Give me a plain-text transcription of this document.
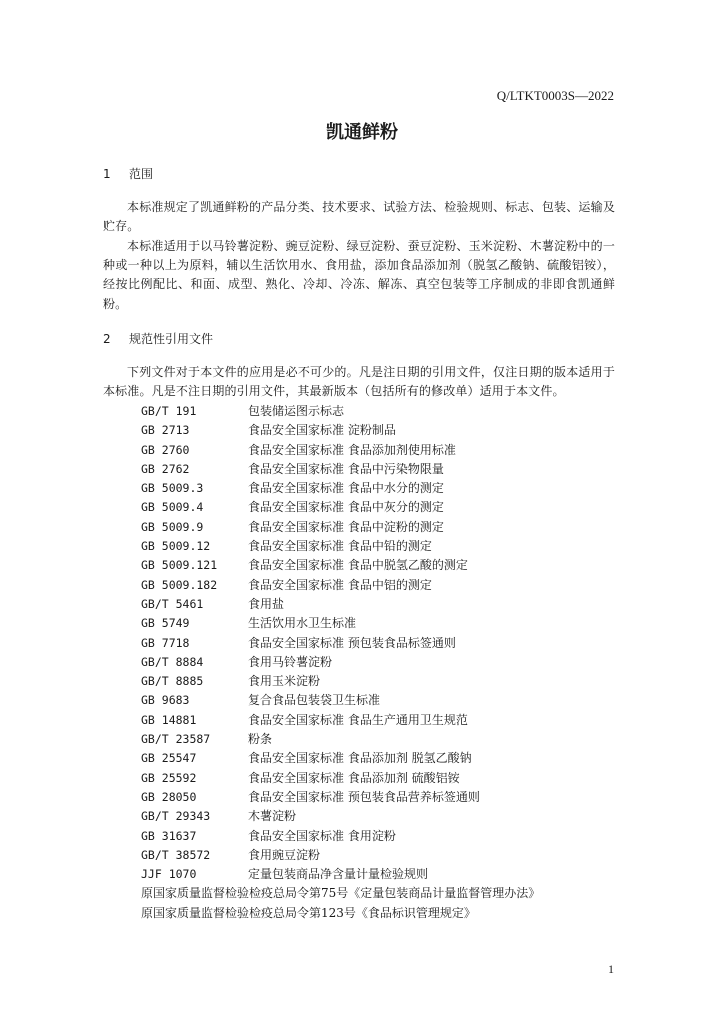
Q/LTKT0003S—2022
凯通鲜粉
1 范围

本标准规定了凯通鲜粉的产品分类、技术要求、试验方法、检验规则、标志、包装、运输及贮存。

本标准适用于以马铃薯淀粉、豌豆淀粉、绿豆淀粉、蚕豆淀粉、玉米淀粉、木薯淀粉中的一种或一种以上为原料，辅以生活饮用水、食用盐，添加食品添加剂（脱氢乙酸钠、硫酸铝铵），经按比例配比、和面、成型、熟化、冷却、冷冻、解冻、真空包装等工序制成的非即食凯通鲜粉。

2 规范性引用文件

下列文件对于本文件的应用是必不可少的。凡是注日期的引用文件，仅注日期的版本适用于本标准。凡是不注日期的引用文件，其最新版本（包括所有的修改单）适用于本文件。

GB/T 191	包装储运图示标志
GB 2713	食品安全国家标准 淀粉制品
GB 2760	食品安全国家标准 食品添加剂使用标准
GB 2762	食品安全国家标准 食品中污染物限量
GB 5009.3	食品安全国家标准 食品中水分的测定
GB 5009.4	食品安全国家标准 食品中灰分的测定
GB 5009.9	食品安全国家标准 食品中淀粉的测定
GB 5009.12	食品安全国家标准 食品中铅的测定
GB 5009.121	食品安全国家标准 食品中脱氢乙酸的测定
GB 5009.182	食品安全国家标准 食品中铝的测定
GB/T 5461	食用盐
GB 5749	生活饮用水卫生标准
GB 7718	食品安全国家标准 预包装食品标签通则
GB/T 8884	食用马铃薯淀粉
GB/T 8885	食用玉米淀粉
GB 9683	复合食品包装袋卫生标准
GB 14881	食品安全国家标准 食品生产通用卫生规范
GB/T 23587	粉条
GB 25547	食品安全国家标准 食品添加剂 脱氢乙酸钠
GB 25592	食品安全国家标准 食品添加剂 硫酸铝铵
GB 28050	食品安全国家标准 预包装食品营养标签通则
GB/T 29343	木薯淀粉
GB 31637	食品安全国家标准 食用淀粉
GB/T 38572	食用豌豆淀粉
JJF 1070	定量包装商品净含量计量检验规则
原国家质量监督检验检疫总局令第75号《定量包装商品计量监督管理办法》
原国家质量监督检验检疫总局令第123号《食品标识管理规定》
1
